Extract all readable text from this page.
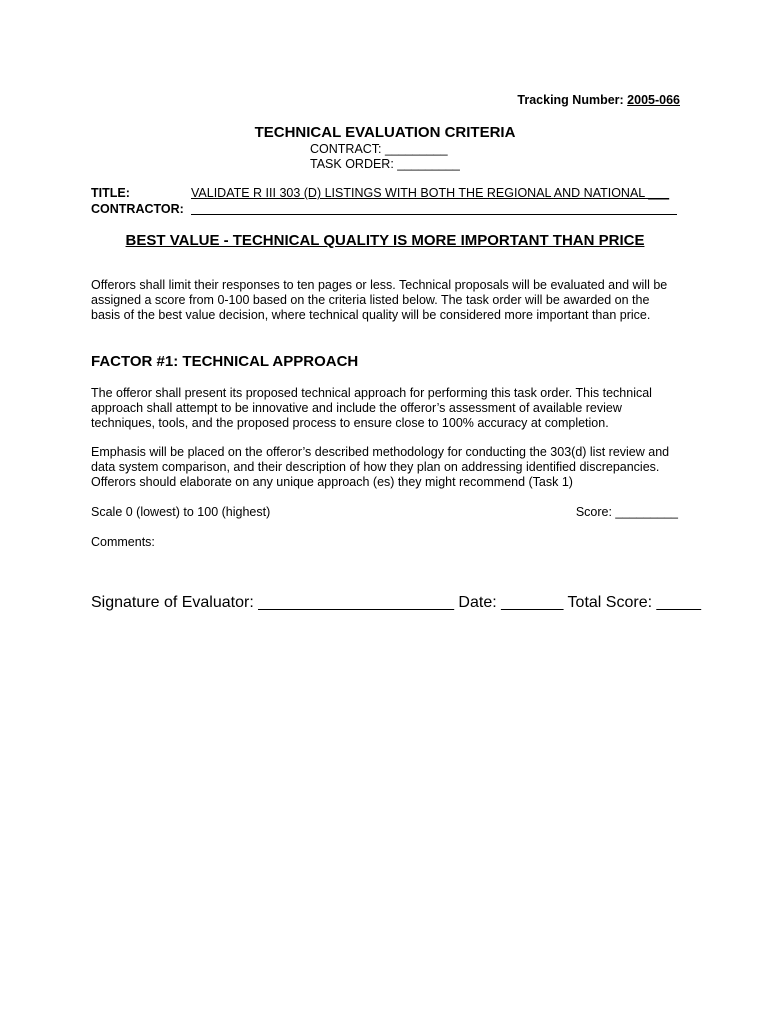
Tracking Number: 2005-066
TECHNICAL EVALUATION CRITERIA
CONTRACT: _________
TASK ORDER: _________
TITLE:	VALIDATE R III 303 (D) LISTINGS WITH BOTH THE REGIONAL AND NATIONAL ___
CONTRACTOR:
BEST VALUE - TECHNICAL QUALITY IS MORE IMPORTANT THAN PRICE
Offerors shall limit their responses to ten pages or less. Technical proposals will be evaluated and will be
assigned a score from 0-100 based on the criteria listed below. The task order will be awarded on the
basis of the best value decision, where technical quality will be considered more important than price.
FACTOR #1: TECHNICAL APPROACH
The offeror shall present its proposed technical approach for performing this task order. This technical
approach shall attempt to be innovative and include the offeror’s assessment of available review
techniques, tools, and the proposed process to ensure close to 100% accuracy at completion.
Emphasis will be placed on the offeror’s described methodology for conducting the 303(d) list review and
data system comparison, and their description of how they plan on addressing identified discrepancies.
Offerors should elaborate on any unique approach (es) they might recommend (Task 1)
Scale 0 (lowest) to 100 (highest)	Score: _________
Comments:
Signature of Evaluator: ______________________ Date: _______ Total Score: _____
